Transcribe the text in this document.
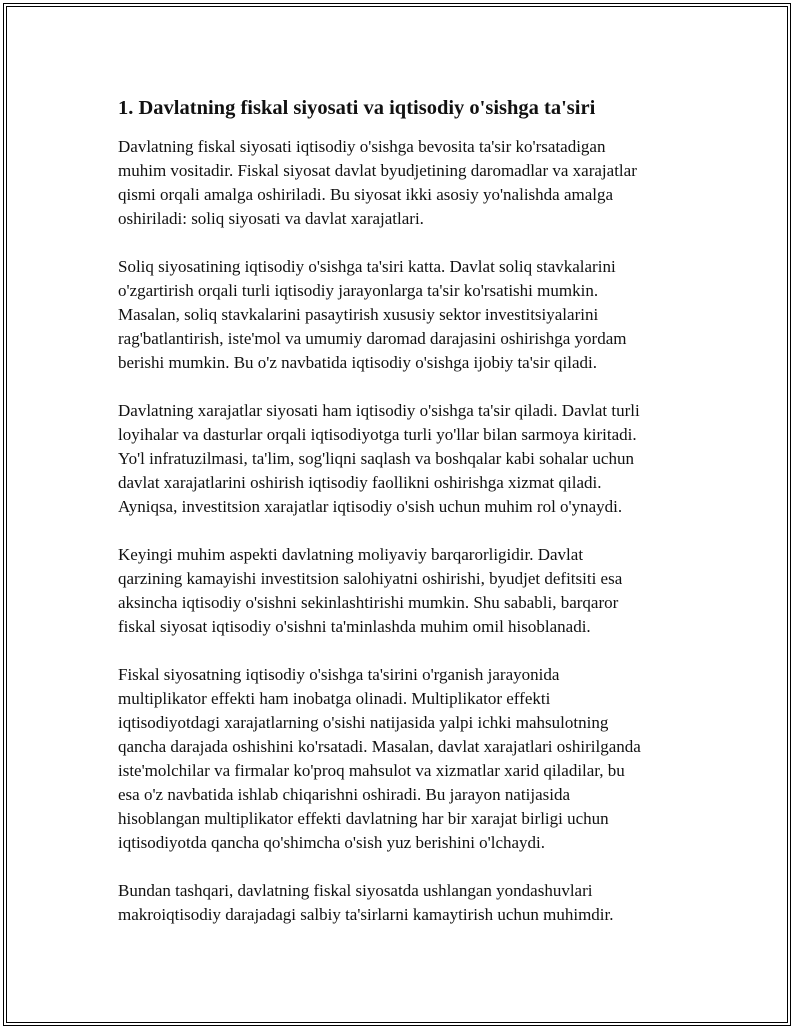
1. Davlatning fiskal siyosati va iqtisodiy o'sishga ta'siri

Davlatning fiskal siyosati iqtisodiy o'sishga bevosita ta'sir ko'rsatadigan
muhim vositadir. Fiskal siyosat davlat byudjetining daromadlar va xarajatlar
qismi orqali amalga oshiriladi. Bu siyosat ikki asosiy yo'nalishda amalga
oshiriladi: soliq siyosati va davlat xarajatlari.

Soliq siyosatining iqtisodiy o'sishga ta'siri katta. Davlat soliq stavkalarini
o'zgartirish orqali turli iqtisodiy jarayonlarga ta'sir ko'rsatishi mumkin.
Masalan, soliq stavkalarini pasaytirish xususiy sektor investitsiyalarini
rag'batlantirish, iste'mol va umumiy daromad darajasini oshirishga yordam
berishi mumkin. Bu o'z navbatida iqtisodiy o'sishga ijobiy ta'sir qiladi.

Davlatning xarajatlar siyosati ham iqtisodiy o'sishga ta'sir qiladi. Davlat turli
loyihalar va dasturlar orqali iqtisodiyotga turli yo'llar bilan sarmoya kiritadi.
Yo'l infratuzilmasi, ta'lim, sog'liqni saqlash va boshqalar kabi sohalar uchun
davlat xarajatlarini oshirish iqtisodiy faollikni oshirishga xizmat qiladi.
Ayniqsa, investitsion xarajatlar iqtisodiy o'sish uchun muhim rol o'ynaydi.

Keyingi muhim aspekti davlatning moliyaviy barqarorligidir. Davlat
qarzining kamayishi investitsion salohiyatni oshirishi, byudjet defitsiti esa
aksincha iqtisodiy o'sishni sekinlashtirishi mumkin. Shu sababli, barqaror
fiskal siyosat iqtisodiy o'sishni ta'minlashda muhim omil hisoblanadi.

Fiskal siyosatning iqtisodiy o'sishga ta'sirini o'rganish jarayonida
multiplikator effekti ham inobatga olinadi. Multiplikator effekti
iqtisodiyotdagi xarajatlarning o'sishi natijasida yalpi ichki mahsulotning
qancha darajada oshishini ko'rsatadi. Masalan, davlat xarajatlari oshirilganda
iste'molchilar va firmalar ko'proq mahsulot va xizmatlar xarid qiladilar, bu
esa o'z navbatida ishlab chiqarishni oshiradi. Bu jarayon natijasida
hisoblangan multiplikator effekti davlatning har bir xarajat birligi uchun
iqtisodiyotda qancha qo'shimcha o'sish yuz berishini o'lchaydi.

Bundan tashqari, davlatning fiskal siyosatda ushlangan yondashuvlari
makroiqtisodiy darajadagi salbiy ta'sirlarni kamaytirish uchun muhimdir.
